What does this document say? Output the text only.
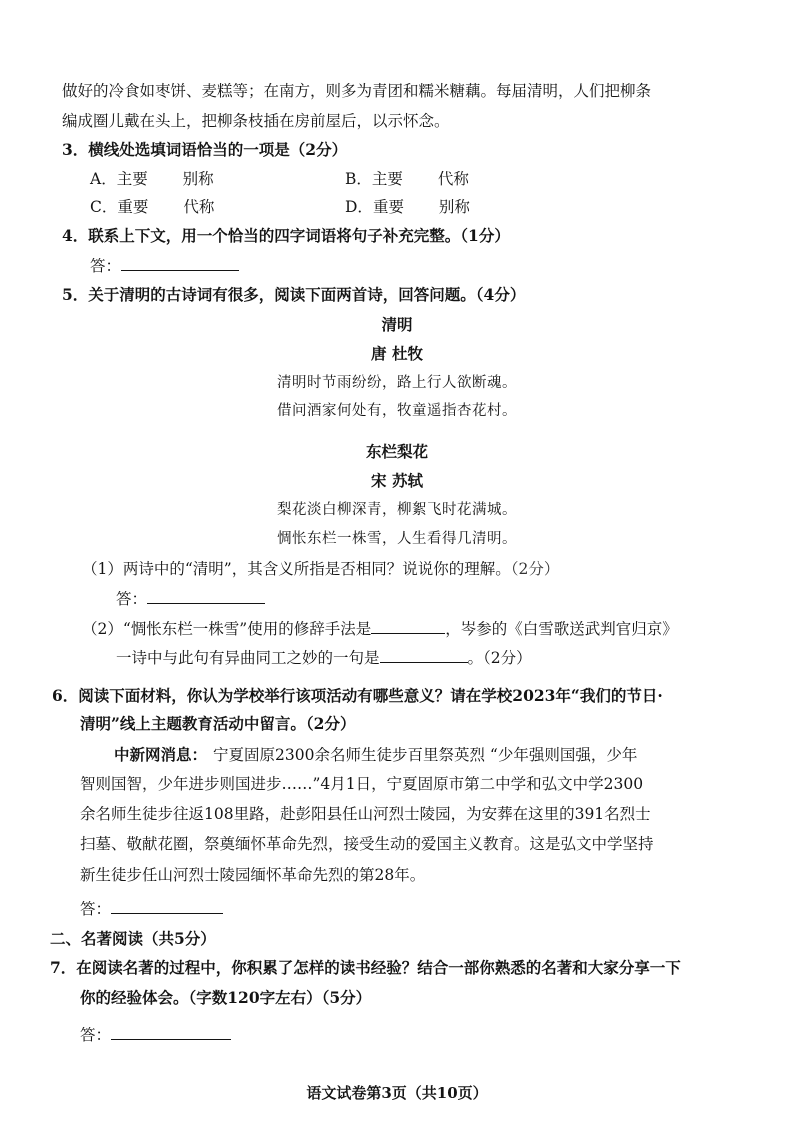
做好的冷食如枣饼、麦糕等；在南方，则多为青团和糯米糖藕。每届清明，人们把柳条
编成圈儿戴在头上，把柳条枝插在房前屋后，以示怀念。
3．横线处选填词语恰当的一项是（2分）
A．主要 别称	B．主要 代称
C．重要 代称	D．重要 别称
4．联系上下文，用一个恰当的四字词语将句子补充完整。（1分）
答：
5．关于清明的古诗词有很多，阅读下面两首诗，回答问题。（4分）
清明
唐 杜牧
清明时节雨纷纷，路上行人欲断魂。
借问酒家何处有，牧童遥指杏花村。
东栏梨花
宋 苏轼
梨花淡白柳深青，柳絮飞时花满城。
惆怅东栏一株雪，人生看得几清明。
（1）两诗中的“清明”，其含义所指是否相同？说说你的理解。（2分）
答：
（2）“惆怅东栏一株雪”使用的修辞手法是	，岑参的《白雪歌送武判官归京》
一诗中与此句有异曲同工之妙的一句是	。（2分）
6．阅读下面材料，你认为学校举行该项活动有哪些意义？请在学校2023年“我们的节日·
清明”线上主题教育活动中留言。（2分）
中新网消息： 宁夏固原2300余名师生徒步百里祭英烈 “少年强则国强，少年
智则国智，少年进步则国进步……”4月1日，宁夏固原市第二中学和弘文中学2300
余名师生徒步往返108里路，赴彭阳县任山河烈士陵园，为安葬在这里的391名烈士
扫墓、敬献花圈，祭奠缅怀革命先烈，接受生动的爱国主义教育。这是弘文中学坚持
新生徒步任山河烈士陵园缅怀革命先烈的第28年。
答：
二、名著阅读（共5分）
7．在阅读名著的过程中，你积累了怎样的读书经验？结合一部你熟悉的名著和大家分享一下
你的经验体会。（字数120字左右）（5分）
答：
语文试卷第3页（共10页）
